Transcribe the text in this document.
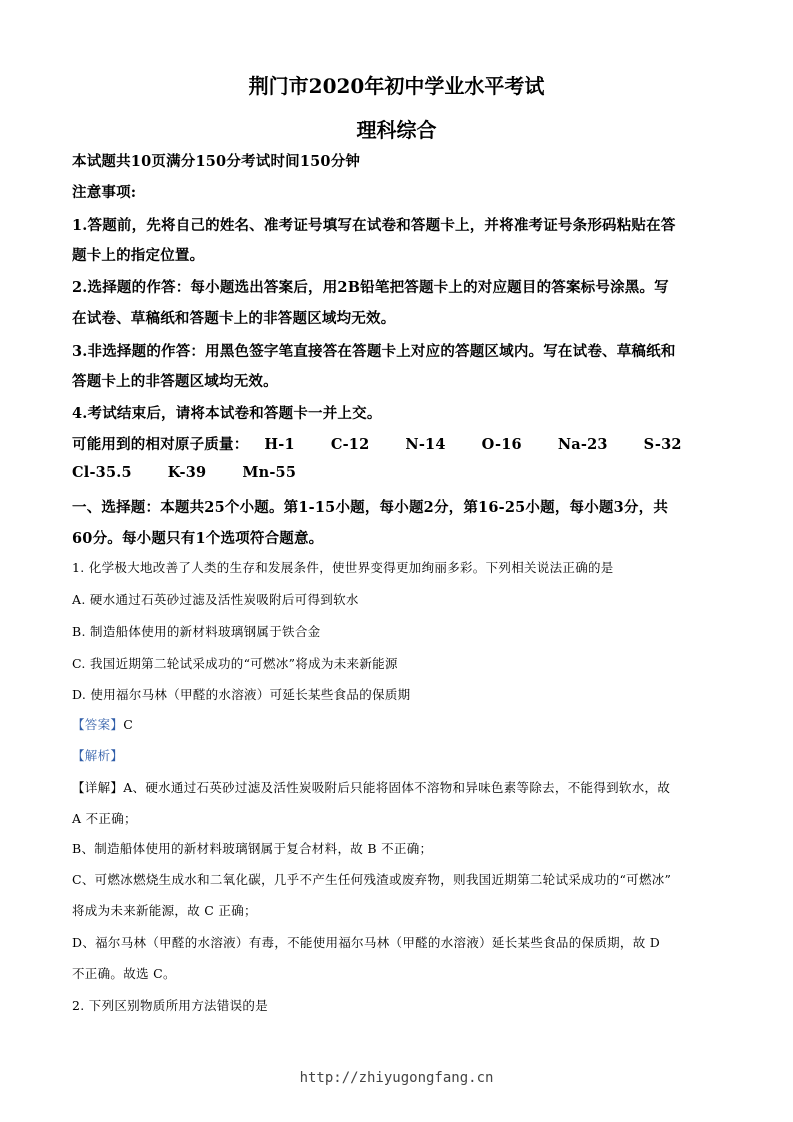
荆门市2020年初中学业水平考试
理科综合
本试题共10页满分150分考试时间150分钟
注意事项:
1.答题前，先将自己的姓名、准考证号填写在试卷和答题卡上，并将准考证号条形码粘贴在答
题卡上的指定位置。
2.选择题的作答：每小题选出答案后，用2B铅笔把答题卡上的对应题目的答案标号涂黑。写
在试卷、草稿纸和答题卡上的非答题区域均无效。
3.非选择题的作答：用黑色签字笔直接答在答题卡上对应的答题区域内。写在试卷、草稿纸和
答题卡上的非答题区域均无效。
4.考试结束后，请将本试卷和答题卡一并上交。
可能用到的相对原子质量： H-1 C-12 N-14 O-16 Na-23 S-32
Cl-35.5 K-39 Mn-55
一、选择题：本题共25个小题。第1-15小题，每小题2分，第16-25小题，每小题3分，共
60分。每小题只有1个选项符合题意。
1. 化学极大地改善了人类的生存和发展条件，使世界变得更加绚丽多彩。下列相关说法正确的是
A. 硬水通过石英砂过滤及活性炭吸附后可得到软水
B. 制造船体使用的新材料玻璃钢属于铁合金
C. 我国近期第二轮试采成功的“可燃冰”将成为未来新能源
D. 使用福尔马林（甲醛的水溶液）可延长某些食品的保质期
【答案】C
【解析】
【详解】A、硬水通过石英砂过滤及活性炭吸附后只能将固体不溶物和异味色素等除去，不能得到软水，故
A 不正确；
B、制造船体使用的新材料玻璃钢属于复合材料，故 B 不正确；
C、可燃冰燃烧生成水和二氧化碳，几乎不产生任何残渣或废弃物，则我国近期第二轮试采成功的“可燃冰”
将成为未来新能源，故 C 正确；
D、福尔马林（甲醛的水溶液）有毒，不能使用福尔马林（甲醛的水溶液）延长某些食品的保质期，故 D
不正确。故选 C。
2. 下列区别物质所用方法错误的是
http://zhiyugongfang.cn
